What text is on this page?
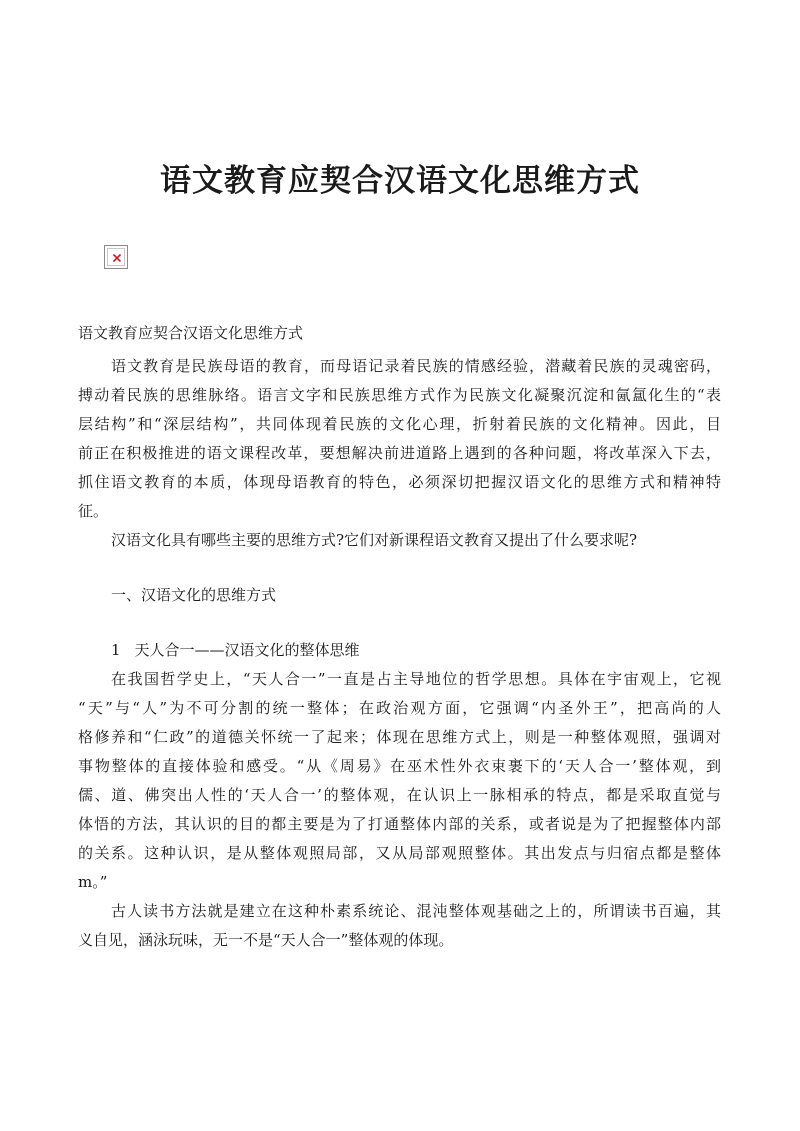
语文教育应契合汉语文化思维方式

语文教育应契合汉语文化思维方式

语文教育是民族母语的教育，而母语记录着民族的情感经验，潜藏着民族的灵魂密码，

搏动着民族的思维脉络。语言文字和民族思维方式作为民族文化凝聚沉淀和氤氲化生的“表

层结构”和“深层结构”，共同体现着民族的文化心理，折射着民族的文化精神。因此，目

前正在积极推进的语文课程改革，要想解决前进道路上遇到的各种问题，将改革深入下去，

抓住语文教育的本质，体现母语教育的特色，必须深切把握汉语文化的思维方式和精神特

征。

汉语文化具有哪些主要的思维方式?它们对新课程语文教育又提出了什么要求呢?

一、汉语文化的思维方式

1 天人合一——汉语文化的整体思维

在我国哲学史上，“天人合一”一直是占主导地位的哲学思想。具体在宇宙观上，它视

“天”与“人”为不可分割的统一整体；在政治观方面，它强调“内圣外王”，把高尚的人

格修养和“仁政”的道德关怀统一了起来；体现在思维方式上，则是一种整体观照，强调对

事物整体的直接体验和感受。“从《周易》在巫术性外衣束裹下的‘天人合一’整体观，到

儒、道、佛突出人性的‘天人合一’的整体观，在认识上一脉相承的特点，都是采取直觉与

体悟的方法，其认识的目的都主要是为了打通整体内部的关系，或者说是为了把握整体内部

的关系。这种认识，是从整体观照局部，又从局部观照整体。其出发点与归宿点都是整体

m。”

古人读书方法就是建立在这种朴素系统论、混沌整体观基础之上的，所谓读书百遍，其

义自见，涵泳玩味，无一不是“天人合一”整体观的体现。
